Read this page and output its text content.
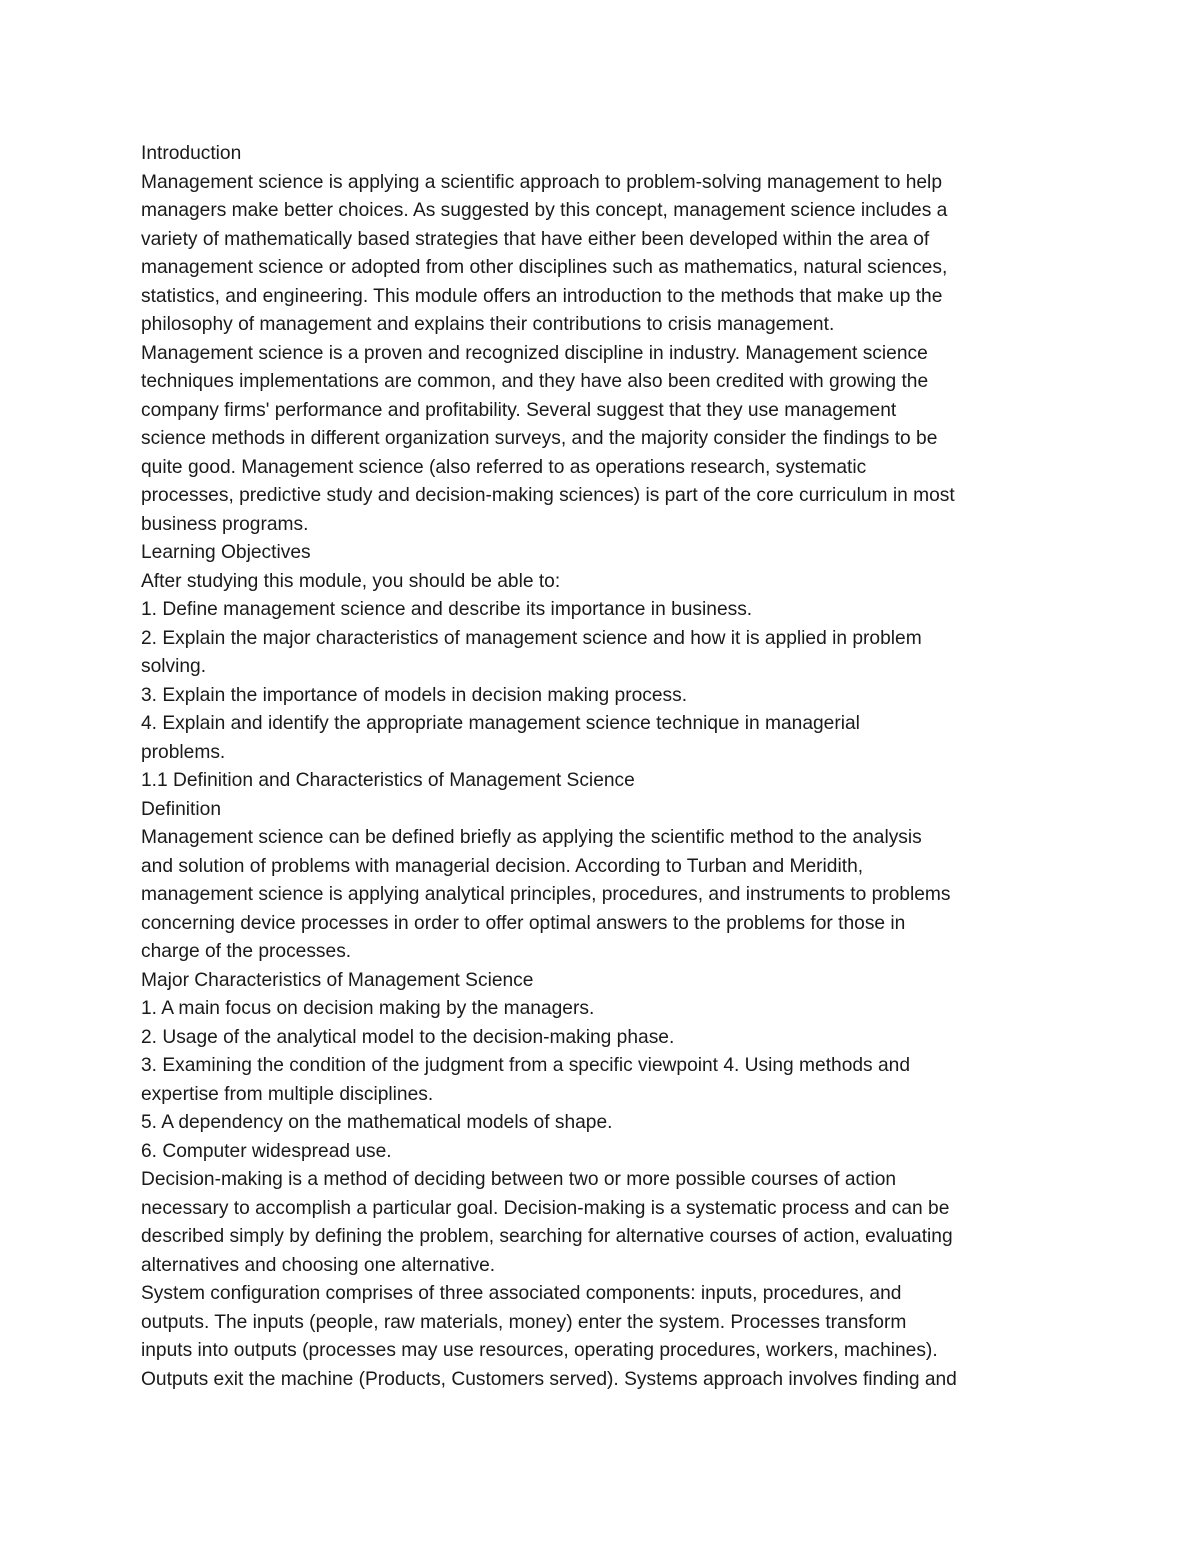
Introduction
Management science is applying a scientific approach to problem-solving management to help
managers make better choices. As suggested by this concept, management science includes a
variety of mathematically based strategies that have either been developed within the area of
management science or adopted from other disciplines such as mathematics, natural sciences,
statistics, and engineering. This module offers an introduction to the methods that make up the
philosophy of management and explains their contributions to crisis management.
Management science is a proven and recognized discipline in industry. Management science
techniques implementations are common, and they have also been credited with growing the
company firms' performance and profitability. Several suggest that they use management
science methods in different organization surveys, and the majority consider the findings to be
quite good. Management science (also referred to as operations research, systematic
processes, predictive study and decision-making sciences) is part of the core curriculum in most
business programs.
Learning Objectives
After studying this module, you should be able to:
1. Define management science and describe its importance in business.
2. Explain the major characteristics of management science and how it is applied in problem
solving.
3. Explain the importance of models in decision making process.
4. Explain and identify the appropriate management science technique in managerial
problems.
1.1 Definition and Characteristics of Management Science
Definition
Management science can be defined briefly as applying the scientific method to the analysis
and solution of problems with managerial decision. According to Turban and Meridith,
management science is applying analytical principles, procedures, and instruments to problems
concerning device processes in order to offer optimal answers to the problems for those in
charge of the processes.
Major Characteristics of Management Science
1. A main focus on decision making by the managers.
2. Usage of the analytical model to the decision-making phase.
3. Examining the condition of the judgment from a specific viewpoint 4. Using methods and
expertise from multiple disciplines.
5. A dependency on the mathematical models of shape.
6. Computer widespread use.
Decision-making is a method of deciding between two or more possible courses of action
necessary to accomplish a particular goal. Decision-making is a systematic process and can be
described simply by defining the problem, searching for alternative courses of action, evaluating
alternatives and choosing one alternative.
System configuration comprises of three associated components: inputs, procedures, and
outputs. The inputs (people, raw materials, money) enter the system. Processes transform
inputs into outputs (processes may use resources, operating procedures, workers, machines).
Outputs exit the machine (Products, Customers served). Systems approach involves finding and
